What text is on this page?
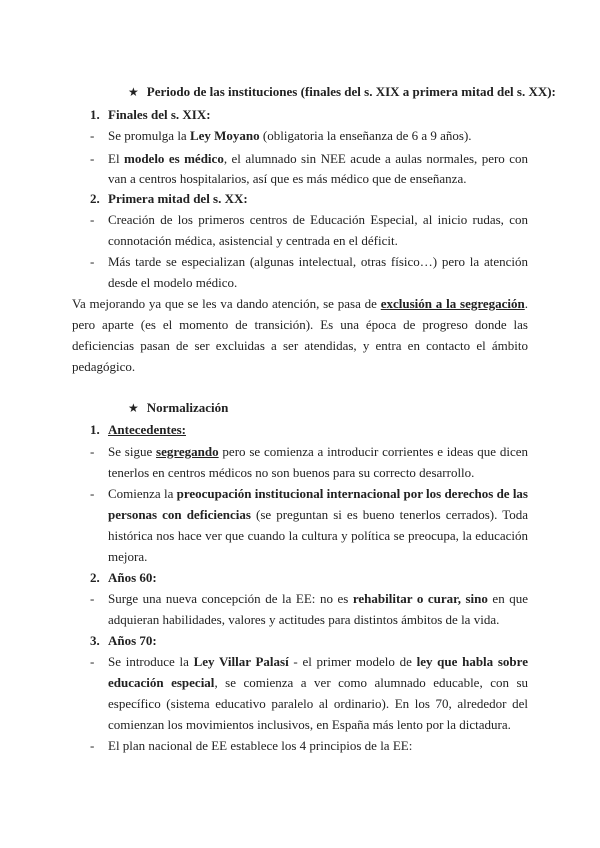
★ Periodo de las instituciones (finales del s. XIX a primera mitad del s. XX):
1. Finales del s. XIX:
- Se promulga la Ley Moyano (obligatoria la enseñanza de 6 a 9 años).
- El modelo es médico, el alumnado sin NEE acude a aulas normales, pero con
van a centros hospitalarios, así que es más médico que de enseñanza.
2. Primera mitad del s. XX:
- Creación de los primeros centros de Educación Especial, al inicio rudas, con
connotación médica, asistencial y centrada en el déficit.
- Más tarde se especializan (algunas intelectual, otras físico…) pero la atención
desde el modelo médico.
Va mejorando ya que se les va dando atención, se pasa de exclusión a la segregación.
pero aparte (es el momento de transición). Es una época de progreso donde las
deficiencias pasan de ser excluidas a ser atendidas, y entra en contacto el ámbito
pedagógico.
★ Normalización
1. Antecedentes:
- Se sigue segregando pero se comienza a introducir corrientes e ideas que dicen
tenerlos en centros médicos no son buenos para su correcto desarrollo.
- Comienza la preocupación institucional internacional por los derechos de las
personas con deficiencias (se preguntan si es bueno tenerlos cerrados). Toda
histórica nos hace ver que cuando la cultura y política se preocupa, la educación
mejora.
2. Años 60:
- Surge una nueva concepción de la EE: no es rehabilitar o curar, sino en que
adquieran habilidades, valores y actitudes para distintos ámbitos de la vida.
3. Años 70:
- Se introduce la Ley Villar Palasí - el primer modelo de ley que habla sobre
educación especial, se comienza a ver como alumnado educable, con su
específico (sistema educativo paralelo al ordinario). En los 70, alrededor del
comienzan los movimientos inclusivos, en España más lento por la dictadura.
- El plan nacional de EE establece los 4 principios de la EE:
